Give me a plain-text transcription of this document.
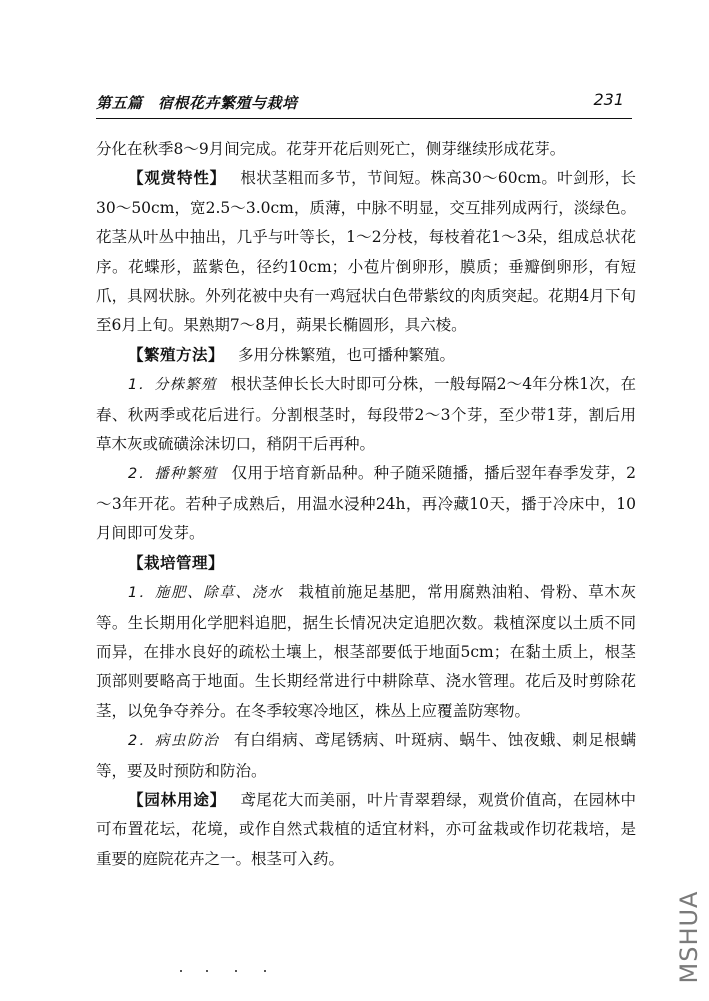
第五篇　宿根花卉繁殖与栽培	231

分化在秋季8～9月间完成。花芽开花后则死亡，侧芽继续形成花芽。

【观赏特性】 根状茎粗而多节，节间短。株高30～60cm。叶剑形，长30～50cm，宽2.5～3.0cm，质薄，中脉不明显，交互排列成两行，淡绿色。花茎从叶丛中抽出，几乎与叶等长，1～2分枝，每枝着花1～3朵，组成总状花序。花蝶形，蓝紫色，径约10cm；小苞片倒卵形，膜质；垂瓣倒卵形，有短爪，具网状脉。外列花被中央有一鸡冠状白色带紫纹的肉质突起。花期4月下旬至6月上旬。果熟期7～8月，蒴果长椭圆形，具六棱。

【繁殖方法】 多用分株繁殖，也可播种繁殖。

1．分株繁殖 根状茎伸长长大时即可分株，一般每隔2～4年分株1次，在春、秋两季或花后进行。分割根茎时，每段带2～3个芽，至少带1芽，割后用草木灰或硫磺涂沫切口，稍阴干后再种。

2．播种繁殖 仅用于培育新品种。种子随采随播，播后翌年春季发芽，2～3年开花。若种子成熟后，用温水浸种24h，再冷藏10天，播于冷床中，10月间即可发芽。

【栽培管理】

1．施肥、除草、浇水 栽植前施足基肥，常用腐熟油粕、骨粉、草木灰等。生长期用化学肥料追肥，据生长情况决定追肥次数。栽植深度以土质不同而异，在排水良好的疏松土壤上，根茎部要低于地面5cm；在黏土质上，根茎顶部则要略高于地面。生长期经常进行中耕除草、浇水管理。花后及时剪除花茎，以免争夺养分。在冬季较寒冷地区，株丛上应覆盖防寒物。

2．病虫防治 有白绢病、鸢尾锈病、叶斑病、蜗牛、蚀夜蛾、刺足根螨等，要及时预防和防治。

【园林用途】 鸢尾花大而美丽，叶片青翠碧绿，观赏价值高，在园林中可布置花坛，花境，或作自然式栽植的适宜材料，亦可盆栽或作切花栽培，是重要的庭院花卉之一。根茎可入药。

MSHUA
